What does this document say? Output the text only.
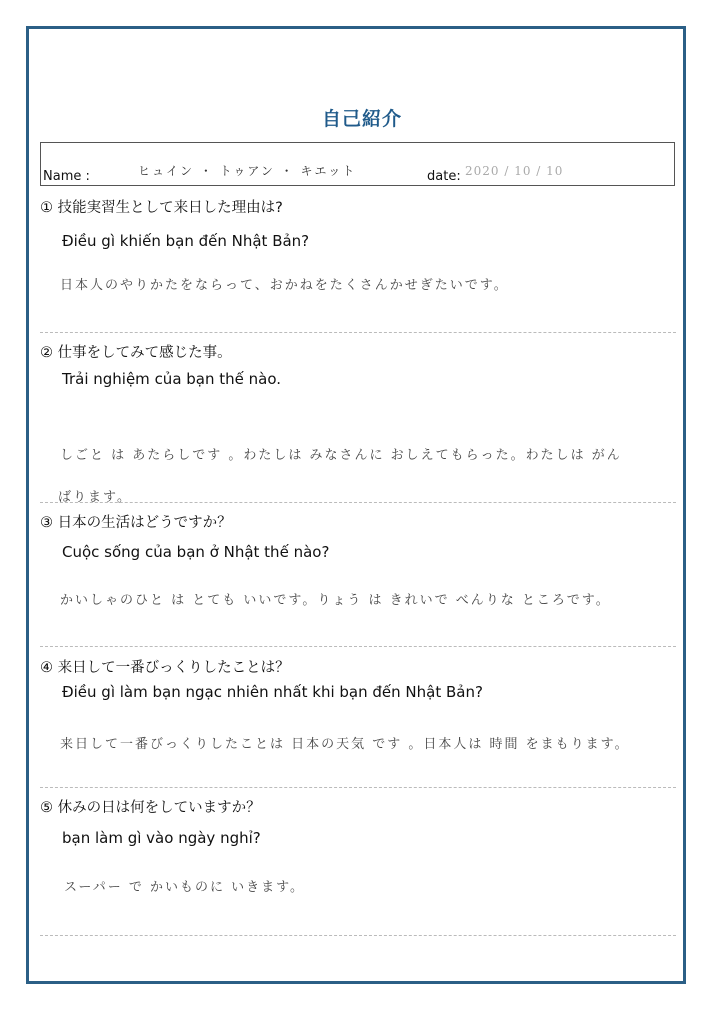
自己紹介
Name :	ヒュイン ・ トゥアン ・ キエット	date: 2020 / 10 / 10
① 技能実習生として来日した理由は?
Điều gì khiến bạn đến Nhật Bản?
日本人のやりかたをならって、おかねをたくさんかせぎたいです。
② 仕事をしてみて感じた事。
Trải nghiệm của bạn thế nào.
しごと は あたらしです 。わたしは みなさんに おしえてもらった。わたしは がん
ばります。
③ 日本の生活はどうですか？
Cuộc sống của bạn ở Nhật thế nào?
かいしゃのひと は とても いいです。りょう は きれいで べんりな ところです。
④ 来日して一番びっくりしたことは？
Điều gì làm bạn ngạc nhiên nhất khi bạn đến Nhật Bản?
来日して一番びっくりしたことは 日本の天気 です 。日本人は 時間 をまもります。
⑤ 休みの日は何をしていますか？
bạn làm gì vào ngày nghỉ?
スーパー で かいものに いきます。
